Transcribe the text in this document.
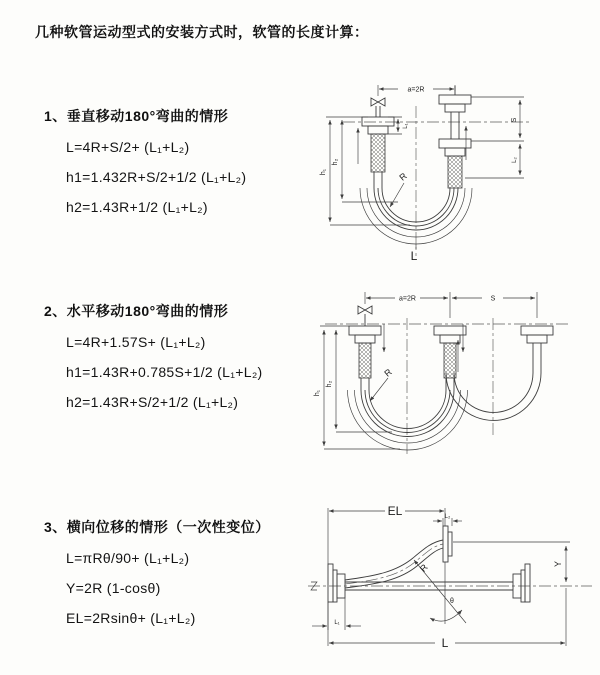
几种软管运动型式的安装方式时，软管的长度计算：
1、垂直移动180°弯曲的情形
L=4R+S/2+ (L₁+L₂)
h1=1.432R+S/2+1/2 (L₁+L₂)
h2=1.43R+1/2 (L₁+L₂)
2、水平移动180°弯曲的情形
L=4R+1.57S+ (L₁+L₂)
h1=1.43R+0.785S+1/2 (L₁+L₂)
h2=1.43R+S/2+1/2 (L₁+L₂)
3、横向位移的情形（一次性变位）
L=πRθ/90+ (L₁+L₂)
Y=2R (1-cosθ)
EL=2Rsinθ+ (L₁+L₂)
a=2R
h₁
h₂
S
L₂
L₁
R
L
a=2R	S
h₁
h₂
R
EL	L₂
Y
R
θ
L
L₁
